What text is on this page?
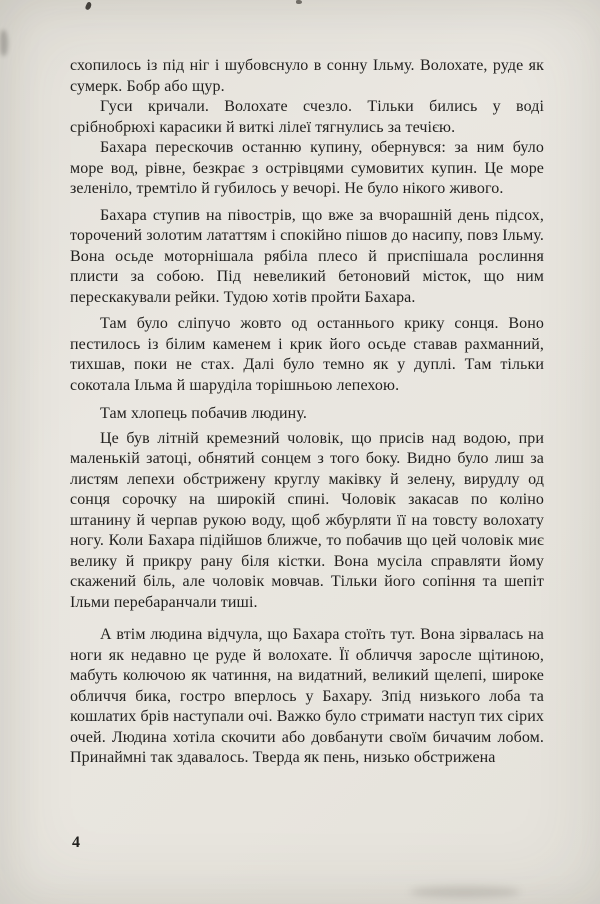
схопилось із під ніг і шубовснуло в сонну Ільму. Волохате, руде як сумерк. Бобр або щур.

Гуси кричали. Волохате счезло. Тільки бились у воді срібнобрюхі карасики й виткі лілеї тягнулись за течією.

Бахара перескочив останню купину, обернувся: за ним було море вод, рівне, безкрає з острівцями сумовитих купин. Це море зеленіло, тремтіло й губилось у вечорі. Не було нікого живого.

Бахара ступив на півострів, що вже за вчорашній день підсох, торочений золотим лататтям і спокійно пішов до насипу, повз Ільму. Вона осьде моторнішала рябіла плесо й приспішала рослиння плисти за собою. Під невеликий бетоновий місток, що ним перескакували рейки. Тудою хотів пройти Бахара.

Там було сліпучо жовто од останнього крику сонця. Воно пестилось із білим каменем і крик його осьде ставав рахманний, тихшав, поки не стах. Далі було темно як у дуплі. Там тільки сокотала Ільма й шаруділа торішньою лепехою.

Там хлопець побачив людину.

Це був літній кремезний чоловік, що присів над водою, при маленькій затоці, обнятий сонцем з того боку. Видно було лиш за листям лепехи обстрижену круглу маківку й зелену, вирудлу од сонця сорочку на широкій спині. Чоловік закасав по коліно штанину й черпав рукою воду, щоб жбурляти її на товсту волохату ногу. Коли Бахара підійшов ближче, то побачив що цей чоловік миє велику й прикру рану біля кістки. Вона мусіла справляти йому скажений біль, але чоловік мовчав. Тільки його сопіння та шепіт Ільми перебаранчали тиші.

А втім людина відчула, що Бахара стоїть тут. Вона зірвалась на ноги як недавно це руде й волохате. Її обличчя заросле щітиною, мабуть колючою як чатиння, на видатний, великий щелепі, широке обличчя бика, гостро вперлось у Бахару. Зпід низького лоба та кошлатих брів наступали очі. Важко було стримати наступ тих сірих очей. Людина хотіла скочити або довбанути своїм бичачим лобом. Принаймні так здавалось. Тверда як пень, низько обстрижена

4
